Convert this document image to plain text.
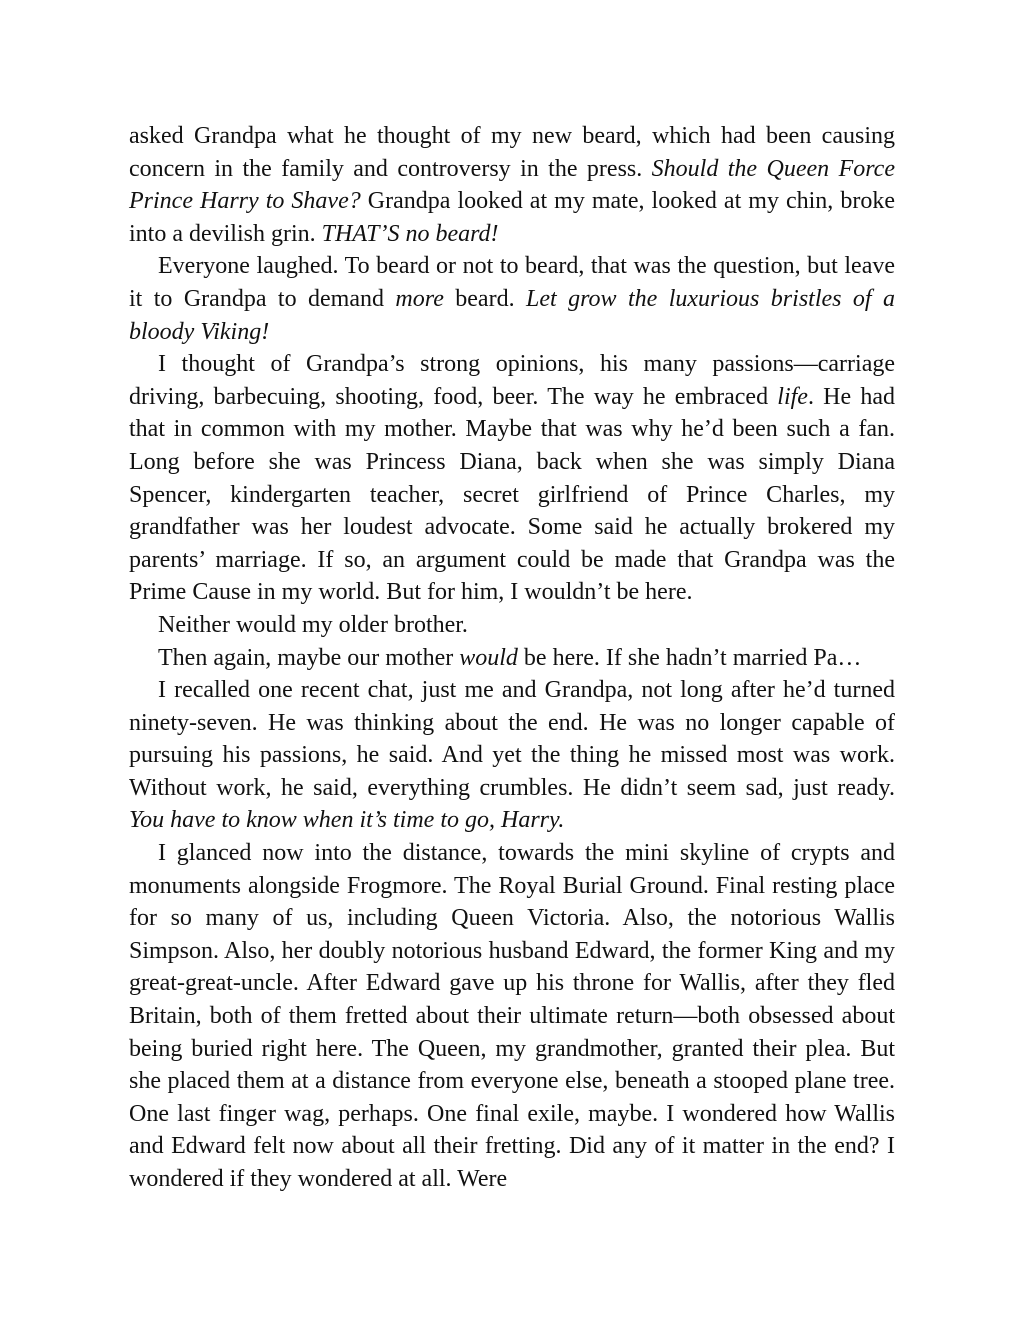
asked Grandpa what he thought of my new beard, which had been causing concern in the family and controversy in the press. Should the Queen Force Prince Harry to Shave? Grandpa looked at my mate, looked at my chin, broke into a devilish grin. THAT’S no beard!

Everyone laughed. To beard or not to beard, that was the question, but leave it to Grandpa to demand more beard. Let grow the luxurious bristles of a bloody Viking!

I thought of Grandpa’s strong opinions, his many passions—carriage driving, barbecuing, shooting, food, beer. The way he embraced life. He had that in common with my mother. Maybe that was why he’d been such a fan. Long before she was Princess Diana, back when she was simply Diana Spencer, kindergarten teacher, secret girlfriend of Prince Charles, my grandfather was her loudest advocate. Some said he actually brokered my parents’ marriage. If so, an argument could be made that Grandpa was the Prime Cause in my world. But for him, I wouldn’t be here.

Neither would my older brother.

Then again, maybe our mother would be here. If she hadn’t married Pa…

I recalled one recent chat, just me and Grandpa, not long after he’d turned ninety-seven. He was thinking about the end. He was no longer capable of pursuing his passions, he said. And yet the thing he missed most was work. Without work, he said, everything crumbles. He didn’t seem sad, just ready. You have to know when it’s time to go, Harry.

I glanced now into the distance, towards the mini skyline of crypts and monuments alongside Frogmore. The Royal Burial Ground. Final resting place for so many of us, including Queen Victoria. Also, the notorious Wallis Simpson. Also, her doubly notorious husband Edward, the former King and my great-great-uncle. After Edward gave up his throne for Wallis, after they fled Britain, both of them fretted about their ultimate return—both obsessed about being buried right here. The Queen, my grandmother, granted their plea. But she placed them at a distance from everyone else, beneath a stooped plane tree. One last finger wag, perhaps. One final exile, maybe. I wondered how Wallis and Edward felt now about all their fretting. Did any of it matter in the end? I wondered if they wondered at all. Were
